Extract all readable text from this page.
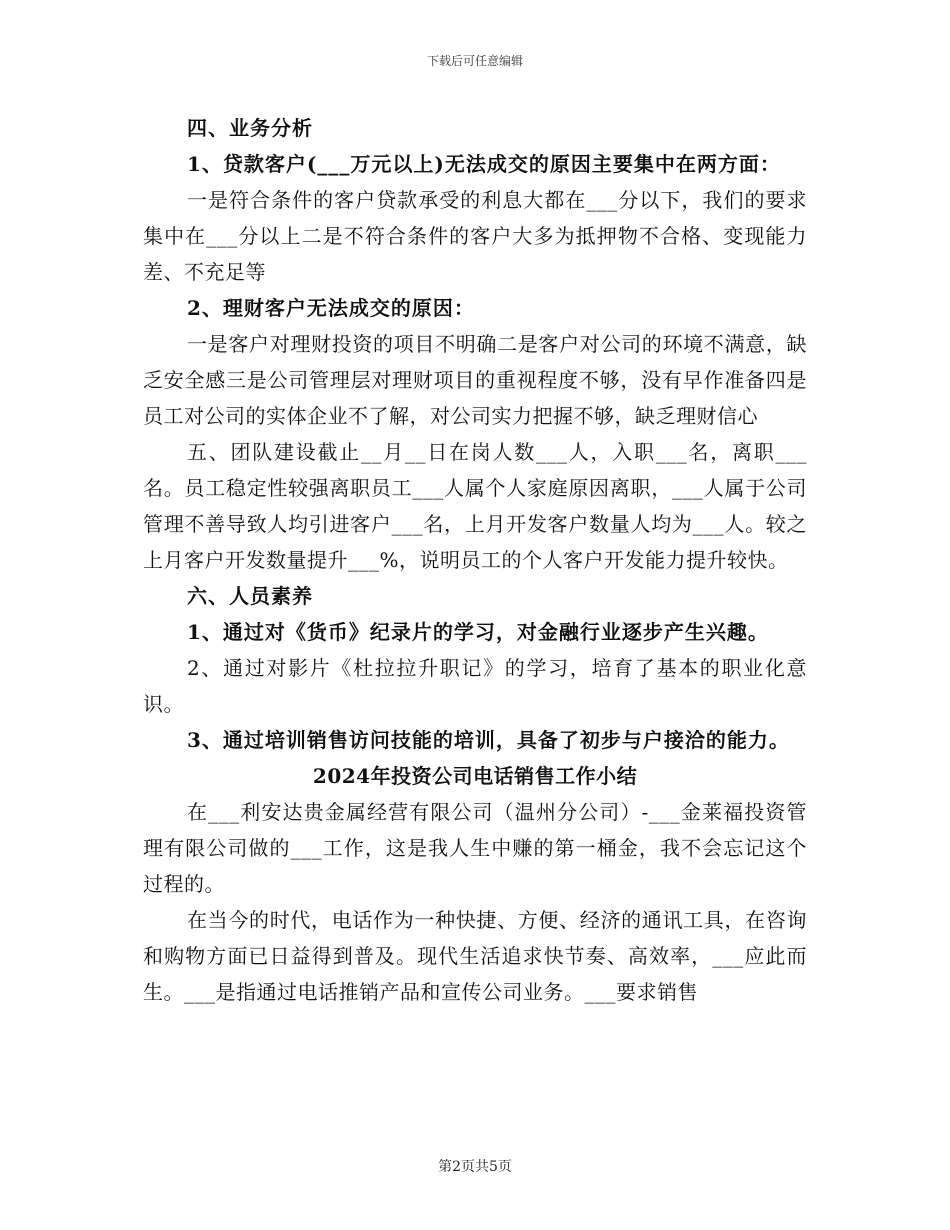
下载后可任意编辑

四、业务分析

1、贷款客户(___万元以上)无法成交的原因主要集中在两方面：

一是符合条件的客户贷款承受的利息大都在___分以下，我们的要求集中在___分以上二是不符合条件的客户大多为抵押物不合格、变现能力差、不充足等

2、理财客户无法成交的原因：

一是客户对理财投资的项目不明确二是客户对公司的环境不满意，缺乏安全感三是公司管理层对理财项目的重视程度不够，没有早作准备四是员工对公司的实体企业不了解，对公司实力把握不够，缺乏理财信心

五、团队建设截止__月__日在岗人数___人，入职___名，离职___名。员工稳定性较强离职员工___人属个人家庭原因离职，___人属于公司管理不善导致人均引进客户___名，上月开发客户数量人均为___人。较之上月客户开发数量提升___%，说明员工的个人客户开发能力提升较快。

六、人员素养

1、通过对《货币》纪录片的学习，对金融行业逐步产生兴趣。

2、通过对影片《杜拉拉升职记》的学习，培育了基本的职业化意识。

3、通过培训销售访问技能的培训，具备了初步与户接洽的能力。

2024年投资公司电话销售工作小结

在___利安达贵金属经营有限公司（温州分公司）-___金莱福投资管理有限公司做的___工作，这是我人生中赚的第一桶金，我不会忘记这个过程的。

在当今的时代，电话作为一种快捷、方便、经济的通讯工具，在咨询和购物方面已日益得到普及。现代生活追求快节奏、高效率，___应此而生。___是指通过电话推销产品和宣传公司业务。___要求销售

第2页共5页
